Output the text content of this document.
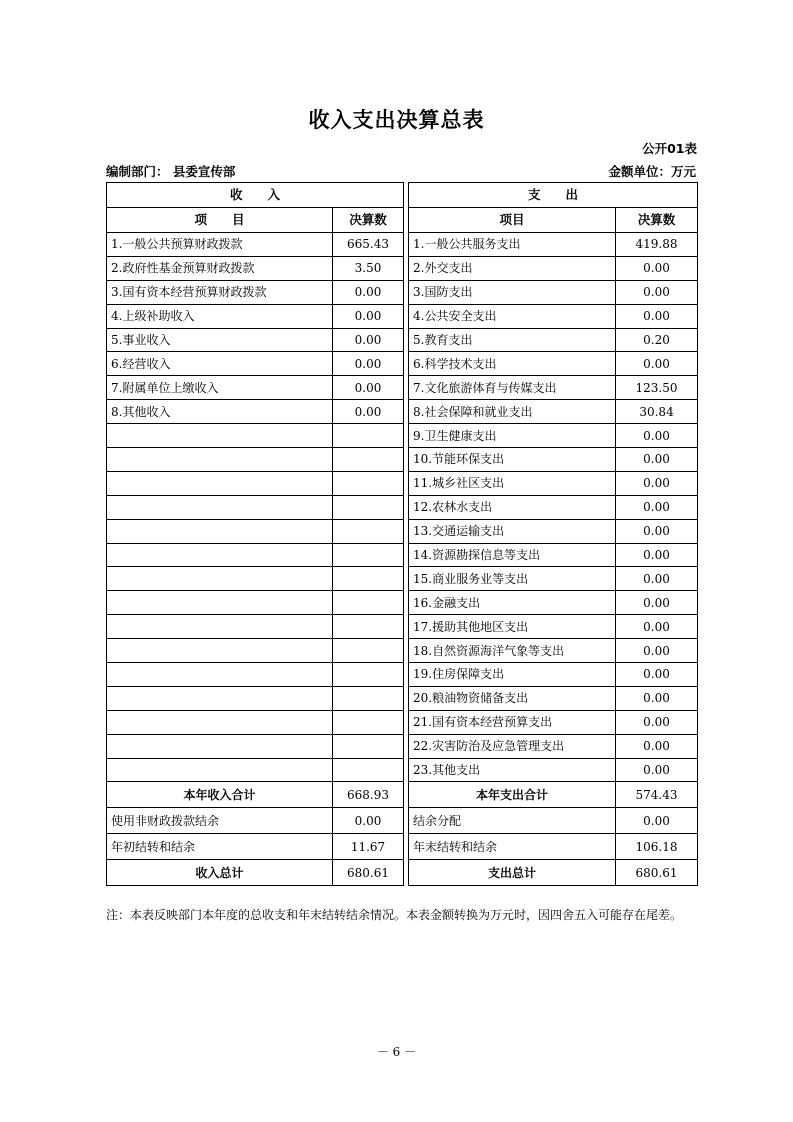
收入支出决算总表
公开01表
编制部门： 县委宣传部	金额单位：万元
收　　入			支　　出	
项　　目	决算数		项目	决算数
1.一般公共预算财政拨款	665.43		1.一般公共服务支出	419.88
2.政府性基金预算财政拨款	3.50		2.外交支出	0.00
3.国有资本经营预算财政拨款	0.00		3.国防支出	0.00
4.上级补助收入	0.00		4.公共安全支出	0.00
5.事业收入	0.00		5.教育支出	0.20
6.经营收入	0.00		6.科学技术支出	0.00
7.附属单位上缴收入	0.00		7.文化旅游体育与传媒支出	123.50
8.其他收入	0.00		8.社会保障和就业支出	30.84
			9.卫生健康支出	0.00
			10.节能环保支出	0.00
			11.城乡社区支出	0.00
			12.农林水支出	0.00
			13.交通运输支出	0.00
			14.资源勘探信息等支出	0.00
			15.商业服务业等支出	0.00
			16.金融支出	0.00
			17.援助其他地区支出	0.00
			18.自然资源海洋气象等支出	0.00
			19.住房保障支出	0.00
			20.粮油物资储备支出	0.00
			21.国有资本经营预算支出	0.00
			22.灾害防治及应急管理支出	0.00
			23.其他支出	0.00
本年收入合计	668.93		本年支出合计	574.43
使用非财政拨款结余	0.00		结余分配	0.00
年初结转和结余	11.67		年末结转和结余	106.18
收入总计	680.61		支出总计	680.61
注：本表反映部门本年度的总收支和年末结转结余情况。本表金额转换为万元时，因四舍五入可能存在尾差。
－ 6 －
